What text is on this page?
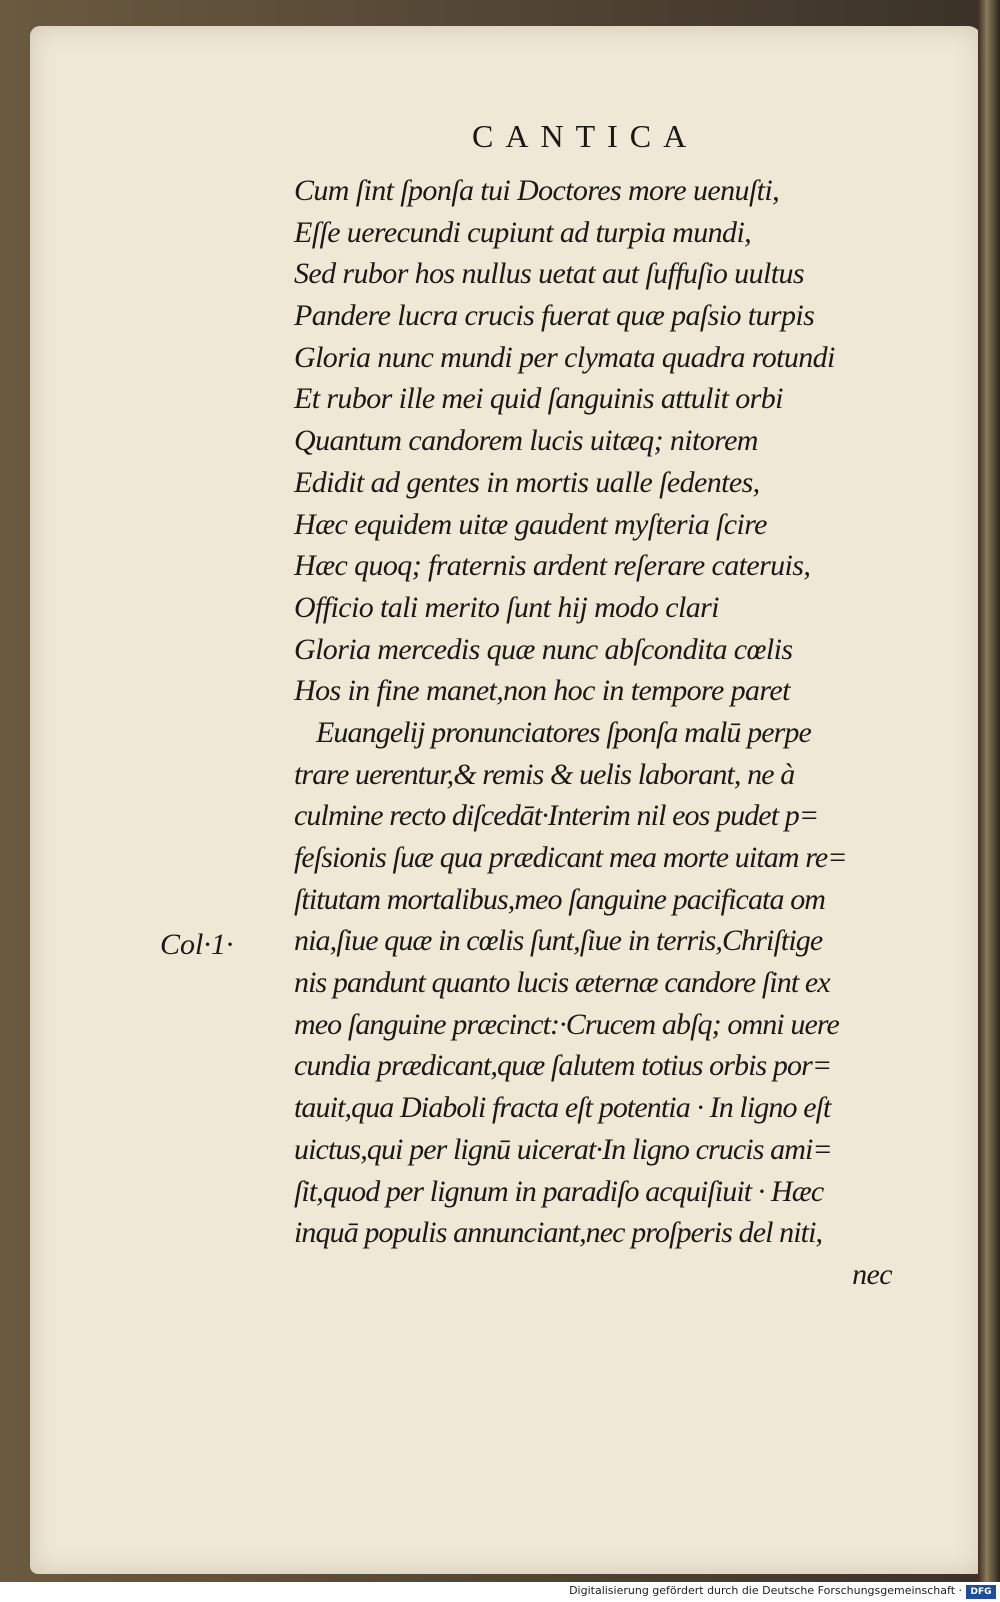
CANTICA
Cum ſint ſponſa tui Doctores more uenuſti,
Eſſe uerecundi cupiunt ad turpia mundi,
Sed rubor hos nullus uetat aut ſuffuſio uultus
Pandere lucra crucis fuerat quæ paſsio turpis
Gloria nunc mundi per clymata quadra rotundi
Et rubor ille mei quid ſanguinis attulit orbi
Quantum candorem lucis uitæq; nitorem
Edidit ad gentes in mortis ualle ſedentes,
Hæc equidem uitæ gaudent myſteria ſcire
Hæc quoq; fraternis ardent reſerare cateruis,
Officio tali merito ſunt hij modo clari
Gloria mercedis quæ nunc abſcondita cœlis
Hos in fine manet,non hoc in tempore paret
Euangelij pronunciatores ſponſa malū perpe
trare uerentur,& remis & uelis laborant, ne à
culmine recto diſcedāt·Interim nil eos pudet p=
feſsionis ſuæ qua prædicant mea morte uitam re=
ſtitutam mortalibus,meo ſanguine pacificata om
nia,ſiue quæ in cœlis ſunt,ſiue in terris,Chriſtige
nis pandunt quanto lucis æternæ candore ſint ex
meo ſanguine præcinct:·Crucem abſq; omni uere
cundia prædicant,quæ ſalutem totius orbis por=
tauit,qua Diaboli fracta eſt potentia · In ligno eſt
uictus,qui per lignū uicerat·In ligno crucis ami=
ſit,quod per lignum in paradiſo acquiſiuit · Hæc
inquā populis annunciant,nec proſperis del niti,
nec
Col·1·
Digitalisierung gefördert durch die Deutsche Forschungsgemeinschaft · DFG
